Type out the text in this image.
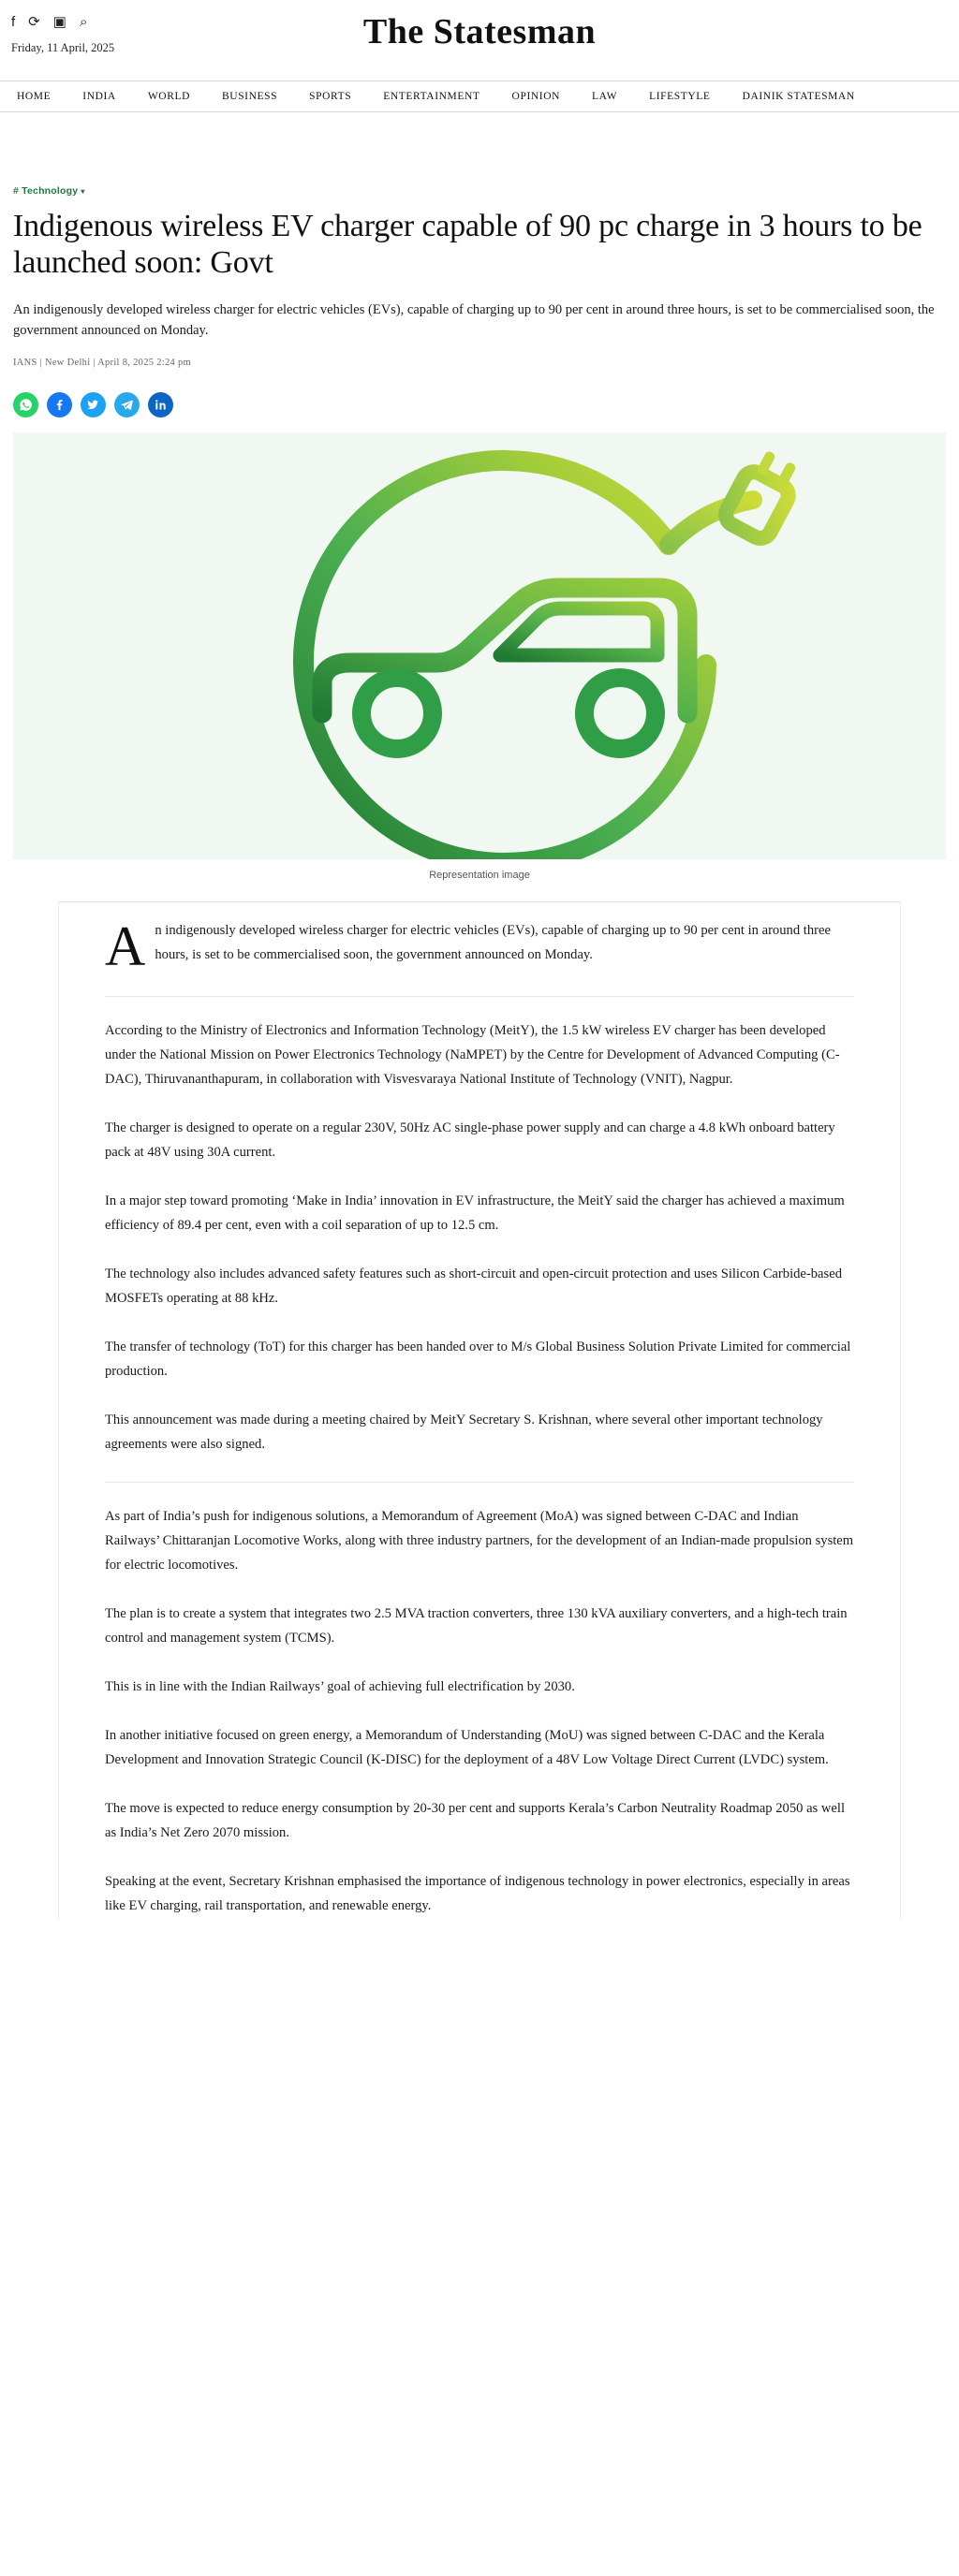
f ⟳ ▣ ⌕
Friday, 11 April, 2025	The Statesman
HOME	INDIA	WORLD	BUSINESS	SPORTS	ENTERTAINMENT	OPINION	LAW	LIFESTYLE	DAINIK STATESMAN
# Technology ▾
Indigenous wireless EV charger capable of 90 pc charge in 3 hours to be launched soon: Govt

An indigenously developed wireless charger for electric vehicles (EVs), capable of charging up to 90 per cent in around three hours, is set to be commercialised soon, the government announced on Monday.

IANS | New Delhi | April 8, 2025 2:24 pm
Representation image

An indigenously developed wireless charger for electric vehicles (EVs), capable of charging up to 90 per cent in around three hours, is set to be commercialised soon, the government announced on Monday.

According to the Ministry of Electronics and Information Technology (MeitY), the 1.5 kW wireless EV charger has been developed under the National Mission on Power Electronics Technology (NaMPET) by the Centre for Development of Advanced Computing (C-DAC), Thiruvananthapuram, in collaboration with Visvesvaraya National Institute of Technology (VNIT), Nagpur.

The charger is designed to operate on a regular 230V, 50Hz AC single-phase power supply and can charge a 4.8 kWh onboard battery pack at 48V using 30A current.

In a major step toward promoting ‘Make in India’ innovation in EV infrastructure, the MeitY said the charger has achieved a maximum efficiency of 89.4 per cent, even with a coil separation of up to 12.5 cm.

The technology also includes advanced safety features such as short-circuit and open-circuit protection and uses Silicon Carbide-based MOSFETs operating at 88 kHz.

The transfer of technology (ToT) for this charger has been handed over to M/s Global Business Solution Private Limited for commercial production.

This announcement was made during a meeting chaired by MeitY Secretary S. Krishnan, where several other important technology agreements were also signed.

As part of India’s push for indigenous solutions, a Memorandum of Agreement (MoA) was signed between C-DAC and Indian Railways’ Chittaranjan Locomotive Works, along with three industry partners, for the development of an Indian-made propulsion system for electric locomotives.

The plan is to create a system that integrates two 2.5 MVA traction converters, three 130 kVA auxiliary converters, and a high-tech train control and management system (TCMS).

This is in line with the Indian Railways’ goal of achieving full electrification by 2030.

In another initiative focused on green energy, a Memorandum of Understanding (MoU) was signed between C-DAC and the Kerala Development and Innovation Strategic Council (K-DISC) for the deployment of a 48V Low Voltage Direct Current (LVDC) system.

The move is expected to reduce energy consumption by 20-30 per cent and supports Kerala’s Carbon Neutrality Roadmap 2050 as well as India’s Net Zero 2070 mission.

Speaking at the event, Secretary Krishnan emphasised the importance of indigenous technology in power electronics, especially in areas like EV charging, rail transportation, and renewable energy.
